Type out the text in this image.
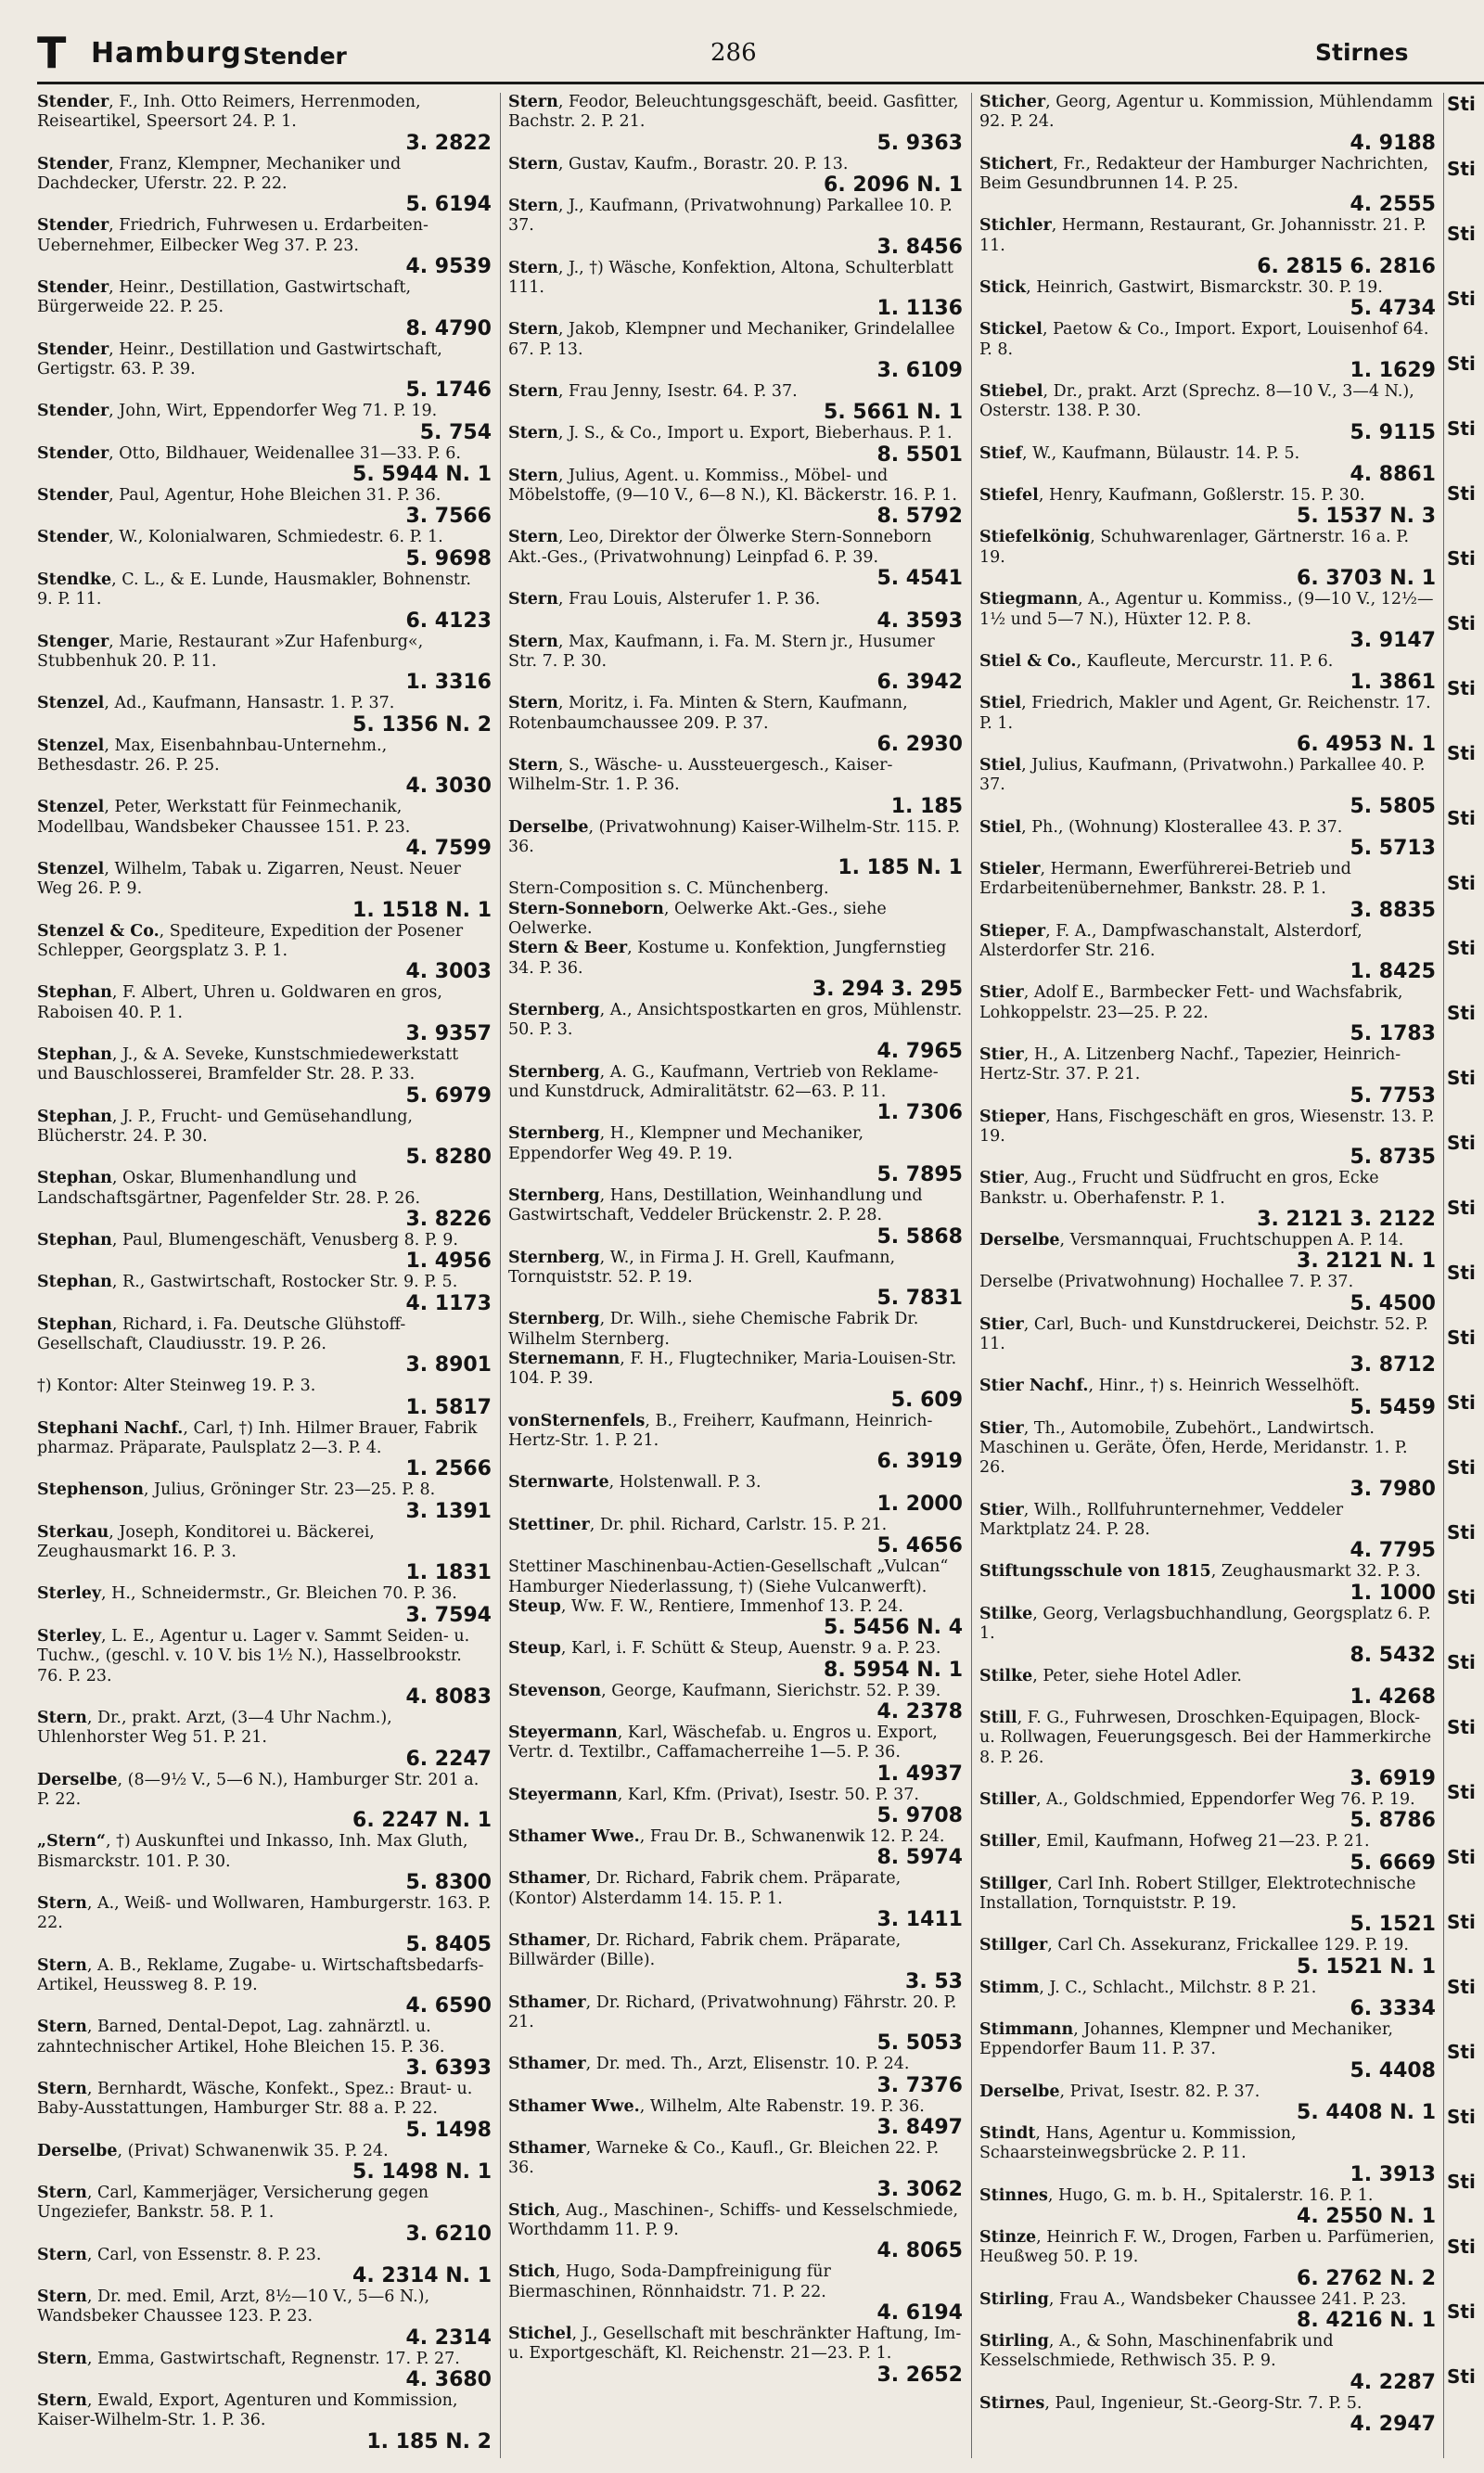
T Hamburg Stender	286	Stirnes
Stender, F., Inh. Otto Reimers, Herrenmoden, Reiseartikel, Speersort 24. P. 1.
3. 2822
Stender, Franz, Klempner, Mechaniker und Dachdecker, Uferstr. 22. P. 22.
5. 6194
Stender, Friedrich, Fuhrwesen u. Erdarbeiten-Uebernehmer, Eilbecker Weg 37. P. 23.
4. 9539
Stender, Heinr., Destillation, Gastwirtschaft, Bürgerweide 22. P. 25.
8. 4790
Stender, Heinr., Destillation und Gastwirtschaft, Gertigstr. 63. P. 39.
5. 1746
Stender, John, Wirt, Eppendorfer Weg 71. P. 19.
5. 754
Stender, Otto, Bildhauer, Weidenallee 31—33. P. 6.
5. 5944 N. 1
Stender, Paul, Agentur, Hohe Bleichen 31. P. 36.
3. 7566
Stender, W., Kolonialwaren, Schmiedestr. 6. P. 1.
5. 9698
Stendke, C. L., & E. Lunde, Hausmakler, Bohnenstr. 9. P. 11.
6. 4123
Stenger, Marie, Restaurant »Zur Hafenburg«, Stubbenhuk 20. P. 11.
1. 3316
Stenzel, Ad., Kaufmann, Hansastr. 1. P. 37.
5. 1356 N. 2
Stenzel, Max, Eisenbahnbau-Unternehm., Bethesdastr. 26. P. 25.
4. 3030
Stenzel, Peter, Werkstatt für Feinmechanik, Modellbau, Wandsbeker Chaussee 151. P. 23.
4. 7599
Stenzel, Wilhelm, Tabak u. Zigarren, Neust. Neuer Weg 26. P. 9.
1. 1518 N. 1
Stenzel & Co., Spediteure, Expedition der Posener Schlepper, Georgsplatz 3. P. 1.
4. 3003
Stephan, F. Albert, Uhren u. Goldwaren en gros, Raboisen 40. P. 1.
3. 9357
Stephan, J., & A. Seveke, Kunstschmiedewerkstatt und Bauschlosserei, Bramfelder Str. 28. P. 33.
5. 6979
Stephan, J. P., Frucht- und Gemüsehandlung, Blücherstr. 24. P. 30.
5. 8280
Stephan, Oskar, Blumenhandlung und Landschaftsgärtner, Pagenfelder Str. 28. P. 26.
3. 8226
Stephan, Paul, Blumengeschäft, Venusberg 8. P. 9.
1. 4956
Stephan, R., Gastwirtschaft, Rostocker Str. 9. P. 5.
4. 1173
Stephan, Richard, i. Fa. Deutsche Glühstoff-Gesellschaft, Claudiusstr. 19. P. 26.
3. 8901
†) Kontor: Alter Steinweg 19. P. 3.
1. 5817
Stephani Nachf., Carl, †) Inh. Hilmer Brauer, Fabrik pharmaz. Präparate, Paulsplatz 2—3. P. 4.
1. 2566
Stephenson, Julius, Gröninger Str. 23—25. P. 8.
3. 1391
Sterkau, Joseph, Konditorei u. Bäckerei, Zeughausmarkt 16. P. 3.
1. 1831
Sterley, H., Schneidermstr., Gr. Bleichen 70. P. 36.
3. 7594
Sterley, L. E., Agentur u. Lager v. Sammt Seiden- u. Tuchw., (geschl. v. 10 V. bis 1½ N.), Hasselbrookstr. 76. P. 23.
4. 8083
Stern, Dr., prakt. Arzt, (3—4 Uhr Nachm.), Uhlenhorster Weg 51. P. 21.
6. 2247
Derselbe, (8—9½ V., 5—6 N.), Hamburger Str. 201 a. P. 22.
6. 2247 N. 1
„Stern“, †) Auskunftei und Inkasso, Inh. Max Gluth, Bismarckstr. 101. P. 30.
5. 8300
Stern, A., Weiß- und Wollwaren, Hamburgerstr. 163. P. 22.
5. 8405
Stern, A. B., Reklame, Zugabe- u. Wirtschaftsbedarfs-Artikel, Heussweg 8. P. 19.
4. 6590
Stern, Barned, Dental-Depot, Lag. zahnärztl. u. zahntechnischer Artikel, Hohe Bleichen 15. P. 36.
3. 6393
Stern, Bernhardt, Wäsche, Konfekt., Spez.: Braut- u. Baby-Ausstattungen, Hamburger Str. 88 a. P. 22.
5. 1498
Derselbe, (Privat) Schwanenwik 35. P. 24.
5. 1498 N. 1
Stern, Carl, Kammerjäger, Versicherung gegen Ungeziefer, Bankstr. 58. P. 1.
3. 6210
Stern, Carl, von Essenstr. 8. P. 23.
4. 2314 N. 1
Stern, Dr. med. Emil, Arzt, 8½—10 V., 5—6 N.), Wandsbeker Chaussee 123. P. 23.
4. 2314
Stern, Emma, Gastwirtschaft, Regnenstr. 17. P. 27.
4. 3680
Stern, Ewald, Export, Agenturen und Kommission, Kaiser-Wilhelm-Str. 1. P. 36.
1. 185 N. 2
Stern, Feodor, Beleuchtungsgeschäft, beeid. Gasfitter, Bachstr. 2. P. 21.
5. 9363
Stern, Gustav, Kaufm., Borastr. 20. P. 13.
6. 2096 N. 1
Stern, J., Kaufmann, (Privatwohnung) Parkallee 10. P. 37.
3. 8456
Stern, J., †) Wäsche, Konfektion, Altona, Schulterblatt 111.
1. 1136
Stern, Jakob, Klempner und Mechaniker, Grindelallee 67. P. 13.
3. 6109
Stern, Frau Jenny, Isestr. 64. P. 37.
5. 5661 N. 1
Stern, J. S., & Co., Import u. Export, Bieberhaus. P. 1.
8. 5501
Stern, Julius, Agent. u. Kommiss., Möbel- und Möbelstoffe, (9—10 V., 6—8 N.), Kl. Bäckerstr. 16. P. 1.
8. 5792
Stern, Leo, Direktor der Ölwerke Stern-Sonneborn Akt.-Ges., (Privatwohnung) Leinpfad 6. P. 39.
5. 4541
Stern, Frau Louis, Alsterufer 1. P. 36.
4. 3593
Stern, Max, Kaufmann, i. Fa. M. Stern jr., Husumer Str. 7. P. 30.
6. 3942
Stern, Moritz, i. Fa. Minten & Stern, Kaufmann, Rotenbaumchaussee 209. P. 37.
6. 2930
Stern, S., Wäsche- u. Aussteuergesch., Kaiser-Wilhelm-Str. 1. P. 36.
1. 185
Derselbe, (Privatwohnung) Kaiser-Wilhelm-Str. 115. P. 36.
1. 185 N. 1
Stern-Composition s. C. Münchenberg.
Stern-Sonneborn, Oelwerke Akt.-Ges., siehe Oelwerke.
Stern & Beer, Kostume u. Konfektion, Jungfernstieg 34. P. 36.
3. 294 3. 295
Sternberg, A., Ansichtspostkarten en gros, Mühlenstr. 50. P. 3.
4. 7965
Sternberg, A. G., Kaufmann, Vertrieb von Reklame- und Kunstdruck, Admiralitätstr. 62—63. P. 11.
1. 7306
Sternberg, H., Klempner und Mechaniker, Eppendorfer Weg 49. P. 19.
5. 7895
Sternberg, Hans, Destillation, Weinhandlung und Gastwirtschaft, Veddeler Brückenstr. 2. P. 28.
5. 5868
Sternberg, W., in Firma J. H. Grell, Kaufmann, Tornquiststr. 52. P. 19.
5. 7831
Sternberg, Dr. Wilh., siehe Chemische Fabrik Dr. Wilhelm Sternberg.
Sternemann, F. H., Flugtechniker, Maria-Louisen-Str. 104. P. 39.
5. 609
vonSternenfels, B., Freiherr, Kaufmann, Heinrich-Hertz-Str. 1. P. 21.
6. 3919
Sternwarte, Holstenwall. P. 3.
1. 2000
Stettiner, Dr. phil. Richard, Carlstr. 15. P. 21.
5. 4656
Stettiner Maschinenbau-Actien-Gesellschaft „Vulcan“ Hamburger Niederlassung, †) (Siehe Vulcanwerft).
Steup, Ww. F. W., Rentiere, Immenhof 13. P. 24.
5. 5456 N. 4
Steup, Karl, i. F. Schütt & Steup, Auenstr. 9 a. P. 23.
8. 5954 N. 1
Stevenson, George, Kaufmann, Sierichstr. 52. P. 39.
4. 2378
Steyermann, Karl, Wäschefab. u. Engros u. Export, Vertr. d. Textilbr., Caffamacherreihe 1—5. P. 36.
1. 4937
Steyermann, Karl, Kfm. (Privat), Isestr. 50. P. 37.
5. 9708
Sthamer Wwe., Frau Dr. B., Schwanenwik 12. P. 24.
8. 5974
Sthamer, Dr. Richard, Fabrik chem. Präparate, (Kontor) Alsterdamm 14. 15. P. 1.
3. 1411
Sthamer, Dr. Richard, Fabrik chem. Präparate, Billwärder (Bille).
3. 53
Sthamer, Dr. Richard, (Privatwohnung) Fährstr. 20. P. 21.
5. 5053
Sthamer, Dr. med. Th., Arzt, Elisenstr. 10. P. 24.
3. 7376
Sthamer Wwe., Wilhelm, Alte Rabenstr. 19. P. 36.
3. 8497
Sthamer, Warneke & Co., Kaufl., Gr. Bleichen 22. P. 36.
3. 3062
Stich, Aug., Maschinen-, Schiffs- und Kesselschmiede, Worthdamm 11. P. 9.
4. 8065
Stich, Hugo, Soda-Dampfreinigung für Biermaschinen, Rönnhaidstr. 71. P. 22.
4. 6194
Stichel, J., Gesellschaft mit beschränkter Haftung, Im- u. Exportgeschäft, Kl. Reichenstr. 21—23. P. 1.
3. 2652
Sticher, Georg, Agentur u. Kommission, Mühlendamm 92. P. 24.
4. 9188
Stichert, Fr., Redakteur der Hamburger Nachrichten, Beim Gesundbrunnen 14. P. 25.
4. 2555
Stichler, Hermann, Restaurant, Gr. Johannisstr. 21. P. 11.
6. 2815 6. 2816
Stick, Heinrich, Gastwirt, Bismarckstr. 30. P. 19.
5. 4734
Stickel, Paetow & Co., Import. Export, Louisenhof 64. P. 8.
1. 1629
Stiebel, Dr., prakt. Arzt (Sprechz. 8—10 V., 3—4 N.), Osterstr. 138. P. 30.
5. 9115
Stief, W., Kaufmann, Bülaustr. 14. P. 5.
4. 8861
Stiefel, Henry, Kaufmann, Goßlerstr. 15. P. 30.
5. 1537 N. 3
Stiefelkönig, Schuhwarenlager, Gärtnerstr. 16 a. P. 19.
6. 3703 N. 1
Stiegmann, A., Agentur u. Kommiss., (9—10 V., 12½—1½ und 5—7 N.), Hüxter 12. P. 8.
3. 9147
Stiel & Co., Kaufleute, Mercurstr. 11. P. 6.
1. 3861
Stiel, Friedrich, Makler und Agent, Gr. Reichenstr. 17. P. 1.
6. 4953 N. 1
Stiel, Julius, Kaufmann, (Privatwohn.) Parkallee 40. P. 37.
5. 5805
Stiel, Ph., (Wohnung) Klosterallee 43. P. 37.
5. 5713
Stieler, Hermann, Ewerführerei-Betrieb und Erdarbeitenübernehmer, Bankstr. 28. P. 1.
3. 8835
Stieper, F. A., Dampfwaschanstalt, Alsterdorf, Alsterdorfer Str. 216.
1. 8425
Stier, Adolf E., Barmbecker Fett- und Wachsfabrik, Lohkoppelstr. 23—25. P. 22.
5. 1783
Stier, H., A. Litzenberg Nachf., Tapezier, Heinrich-Hertz-Str. 37. P. 21.
5. 7753
Stieper, Hans, Fischgeschäft en gros, Wiesenstr. 13. P. 19.
5. 8735
Stier, Aug., Frucht und Südfrucht en gros, Ecke Bankstr. u. Oberhafenstr. P. 1.
3. 2121 3. 2122
Derselbe, Versmannquai, Fruchtschuppen A. P. 14.
3. 2121 N. 1
Derselbe (Privatwohnung) Hochallee 7. P. 37.
5. 4500
Stier, Carl, Buch- und Kunstdruckerei, Deichstr. 52. P. 11.
3. 8712
Stier Nachf., Hinr., †) s. Heinrich Wesselhöft.
5. 5459
Stier, Th., Automobile, Zubehört., Landwirtsch. Maschinen u. Geräte, Öfen, Herde, Meridanstr. 1. P. 26.
3. 7980
Stier, Wilh., Rollfuhrunternehmer, Veddeler Marktplatz 24. P. 28.
4. 7795
Stiftungsschule von 1815, Zeughausmarkt 32. P. 3.
1. 1000
Stilke, Georg, Verlagsbuchhandlung, Georgsplatz 6. P. 1.
8. 5432
Stilke, Peter, siehe Hotel Adler.
1. 4268
Still, F. G., Fuhrwesen, Droschken-Equipagen, Block- u. Rollwagen, Feuerungsgesch. Bei der Hammerkirche 8. P. 26.
3. 6919
Stiller, A., Goldschmied, Eppendorfer Weg 76. P. 19.
5. 8786
Stiller, Emil, Kaufmann, Hofweg 21—23. P. 21.
5. 6669
Stillger, Carl Inh. Robert Stillger, Elektrotechnische Installation, Tornquiststr. P. 19.
5. 1521
Stillger, Carl Ch. Assekuranz, Frickallee 129. P. 19.
5. 1521 N. 1
Stimm, J. C., Schlacht., Milchstr. 8 P. 21.
6. 3334
Stimmann, Johannes, Klempner und Mechaniker, Eppendorfer Baum 11. P. 37.
5. 4408
Derselbe, Privat, Isestr. 82. P. 37.
5. 4408 N. 1
Stindt, Hans, Agentur u. Kommission, Schaarsteinwegsbrücke 2. P. 11.
1. 3913
Stinnes, Hugo, G. m. b. H., Spitalerstr. 16. P. 1.
4. 2550 N. 1
Stinze, Heinrich F. W., Drogen, Farben u. Parfümerien, Heußweg 50. P. 19.
6. 2762 N. 2
Stirling, Frau A., Wandsbeker Chaussee 241. P. 23.
8. 4216 N. 1
Stirling, A., & Sohn, Maschinenfabrik und Kesselschmiede, Rethwisch 35. P. 9.
4. 2287
Stirnes, Paul, Ingenieur, St.-Georg-Str. 7. P. 5.
4. 2947
Sti
Sti
Sti
Sti
Sti
Sti
Sti
Sti
Sti
Sti
Sti
Sti
Sti
Sti
Sti
Sti
Sti
Sti
Sti
Sti
Sti
Sti
Sti
Sti
Sti
Sti
Sti
Sti
Sti
Sti
Sti
Sti
Sti
Sti
Sti
Sti
